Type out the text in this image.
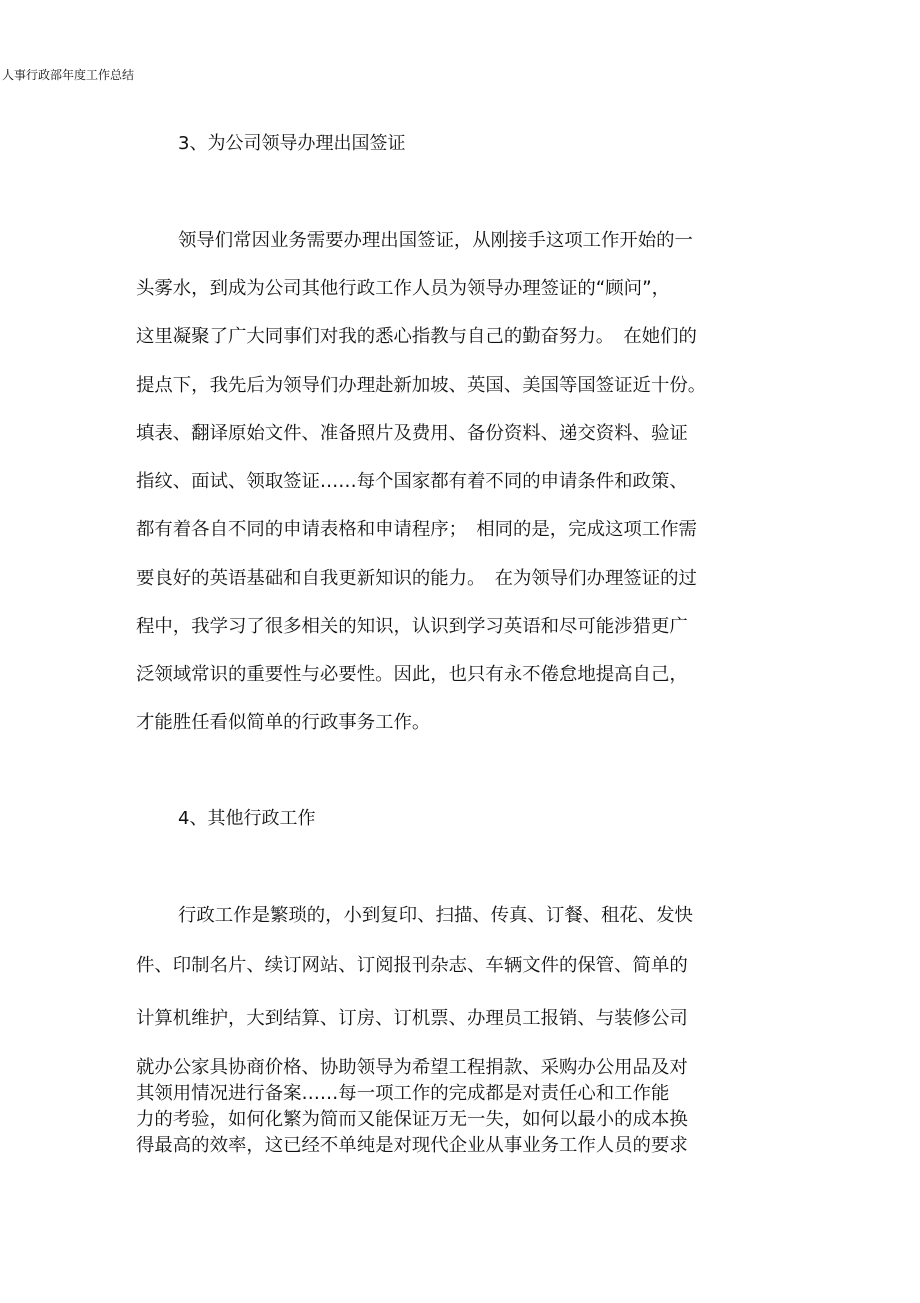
人事行政部年度工作总结
3、为公司领导办理出国签证
领导们常因业务需要办理出国签证，从刚接手这项工作开始的一
头雾水，到成为公司其他行政工作人员为领导办理签证的“顾问”，
这里凝聚了广大同事们对我的悉心指教与自己的勤奋努力。　在她们的
提点下，我先后为领导们办理赴新加坡、英国、美国等国签证近十份。
填表、翻译原始文件、准备照片及费用、备份资料、递交资料、验证
指纹、面试、领取签证……每个国家都有着不同的申请条件和政策、
都有着各自不同的申请表格和申请程序；　相同的是，完成这项工作需
要良好的英语基础和自我更新知识的能力。　在为领导们办理签证的过
程中，我学习了很多相关的知识，认识到学习英语和尽可能涉猎更广
泛领域常识的重要性与必要性。因此，也只有永不倦怠地提高自己，
才能胜任看似简单的行政事务工作。
4、其他行政工作
行政工作是繁琐的，小到复印、扫描、传真、订餐、租花、发快
件、印制名片、续订网站、订阅报刊杂志、车辆文件的保管、简单的
计算机维护，大到结算、订房、订机票、办理员工报销、与装修公司
就办公家具协商价格、协助领导为希望工程捐款、采购办公用品及对
其领用情况进行备案……每一项工作的完成都是对责任心和工作能
力的考验，如何化繁为简而又能保证万无一失，如何以最小的成本换
得最高的效率，这已经不单纯是对现代企业从事业务工作人员的要求
